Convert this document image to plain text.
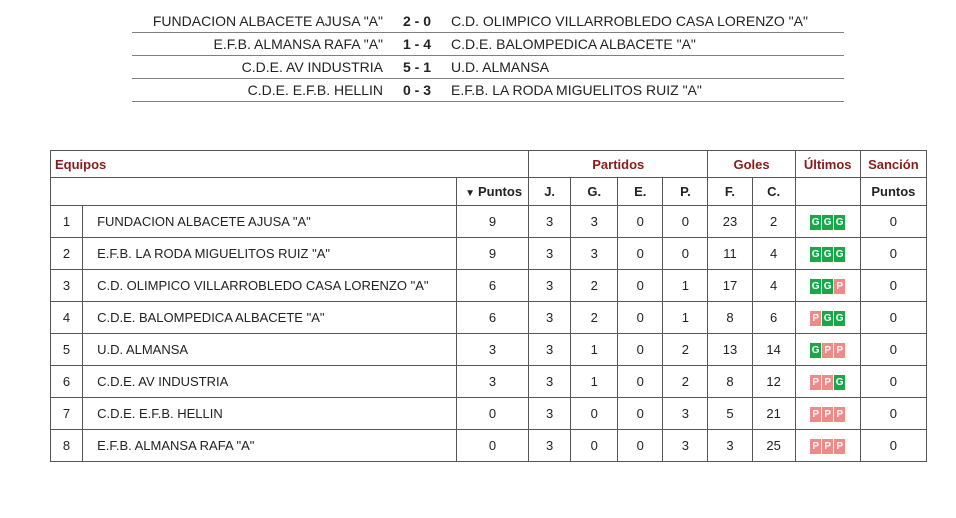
FUNDACION ALBACETE AJUSA "A"	2 - 0	C.D. OLIMPICO VILLARROBLEDO CASA LORENZO "A"
E.F.B. ALMANSA RAFA "A"	1 - 4	C.D.E. BALOMPEDICA ALBACETE "A"
C.D.E. AV INDUSTRIA	5 - 1	U.D. ALMANSA
C.D.E. E.F.B. HELLIN	0 - 3	E.F.B. LA RODA MIGUELITOS RUIZ "A"
Equipos			Partidos				Goles		Últimos	Sanción
		▼ Puntos	J.	G.	E.	P.	F.	C.		Puntos
1	FUNDACION ALBACETE AJUSA "A"	9	3	3	0	0	23	2	G G G	0
2	E.F.B. LA RODA MIGUELITOS RUIZ "A"	9	3	3	0	0	11	4	G G G	0
3	C.D. OLIMPICO VILLARROBLEDO CASA LORENZO "A"	6	3	2	0	1	17	4	G G P	0
4	C.D.E. BALOMPEDICA ALBACETE "A"	6	3	2	0	1	8	6	P G G	0
5	U.D. ALMANSA	3	3	1	0	2	13	14	G P P	0
6	C.D.E. AV INDUSTRIA	3	3	1	0	2	8	12	P P G	0
7	C.D.E. E.F.B. HELLIN	0	3	0	0	3	5	21	P P P	0
8	E.F.B. ALMANSA RAFA "A"	0	3	0	0	3	3	25	P P P	0
